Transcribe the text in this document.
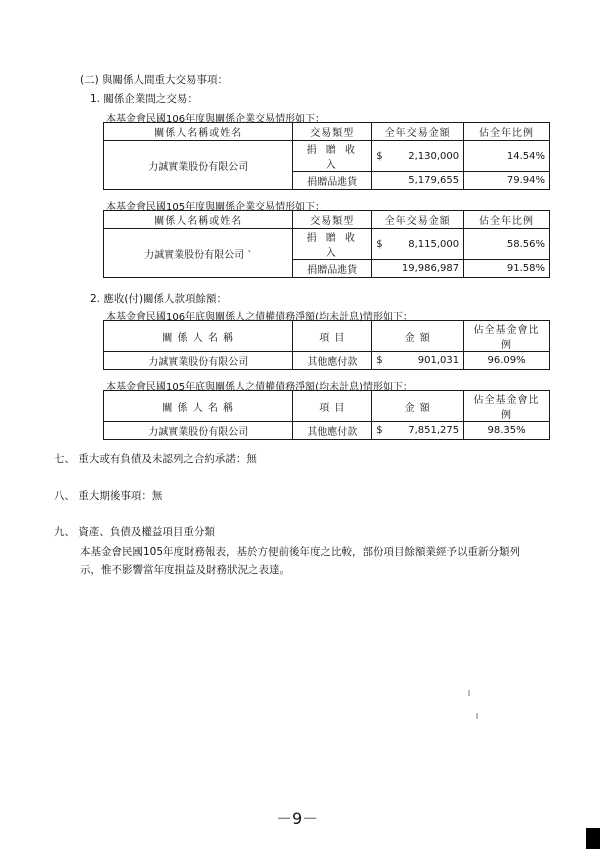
(二) 與關係人間重大交易事項：
1. 關係企業間之交易：
本基金會民國106年度與關係企業交易情形如下：
關係人名稱或姓名	交易類型	全年交易金額	佔全年比例
力誠實業股份有限公司	捐 贈 收 入	$ 2,130,000	14.54%
	捐贈品進貨	5,179,655	79.94%
本基金會民國105年度與關係企業交易情形如下：
關係人名稱或姓名	交易類型	全年交易金額	佔全年比例
力誠實業股份有限公司 `	捐 贈 收 入	$ 8,115,000	58.56%
	捐贈品進貨	19,986,987	91.58%
2. 應收(付)關係人款項餘額：
本基金會民國106年底與關係人之債權債務淨額(均未計息)情形如下：
關 係 人 名 稱	項 目	金 額	佔全基金會比例
力誠實業股份有限公司	其他應付款	$ 901,031	96.09%
本基金會民國105年底與關係人之債權債務淨額(均未計息)情形如下：
關 係 人 名 稱	項 目	金 額	佔全基金會比例
力誠實業股份有限公司	其他應付款	$ 7,851,275	98.35%
七、 重大或有負債及未認列之合約承諾：無
八、 重大期後事項：無
九、 資產、負債及權益項目重分類
本基金會民國105年度財務報表，基於方便前後年度之比較，部份項目餘額業經予以重新分類列
示，惟不影響當年度損益及財務狀況之表達。
－9－
